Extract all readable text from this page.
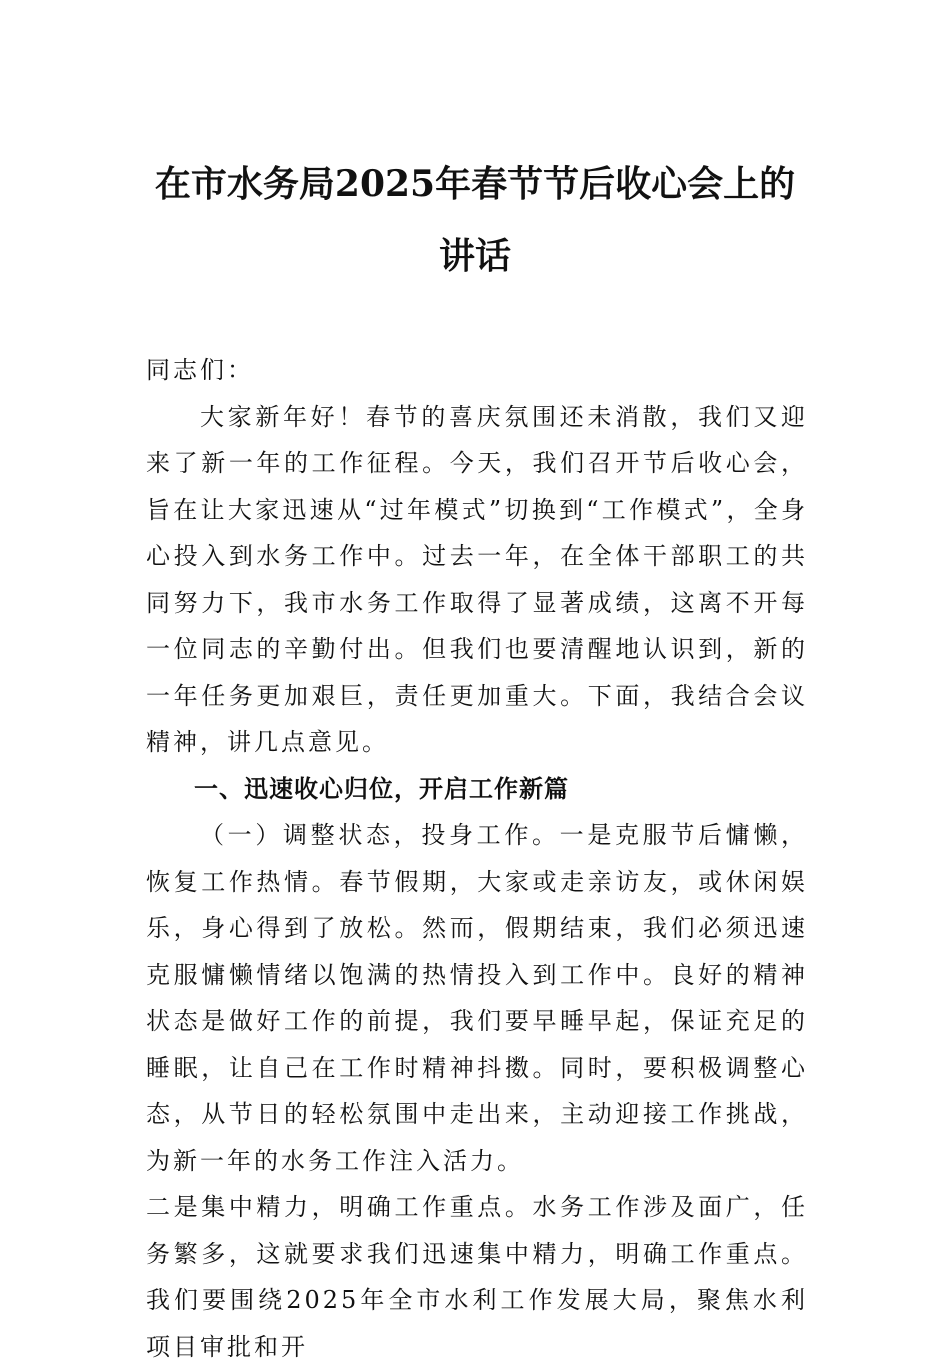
在市水务局2025年春节节后收心会上的讲话

同志们：

大家新年好！春节的喜庆氛围还未消散，我们又迎来了新一年的工作征程。今天，我们召开节后收心会，旨在让大家迅速从“过年模式”切换到“工作模式”，全身心投入到水务工作中。过去一年，在全体干部职工的共同努力下，我市水务工作取得了显著成绩，这离不开每一位同志的辛勤付出。但我们也要清醒地认识到，新的一年任务更加艰巨，责任更加重大。下面，我结合会议精神，讲几点意见。

一、迅速收心归位，开启工作新篇

（一）调整状态，投身工作。一是克服节后慵懒，恢复工作热情。春节假期，大家或走亲访友，或休闲娱乐，身心得到了放松。然而，假期结束，我们必须迅速克服慵懒情绪以饱满的热情投入到工作中。良好的精神状态是做好工作的前提，我们要早睡早起，保证充足的睡眠，让自己在工作时精神抖擞。同时，要积极调整心态，从节日的轻松氛围中走出来，主动迎接工作挑战，为新一年的水务工作注入活力。

二是集中精力，明确工作重点。水务工作涉及面广，任务繁多，这就要求我们迅速集中精力，明确工作重点。我们要围绕2025年全市水利工作发展大局，聚焦水利项目审批和开
